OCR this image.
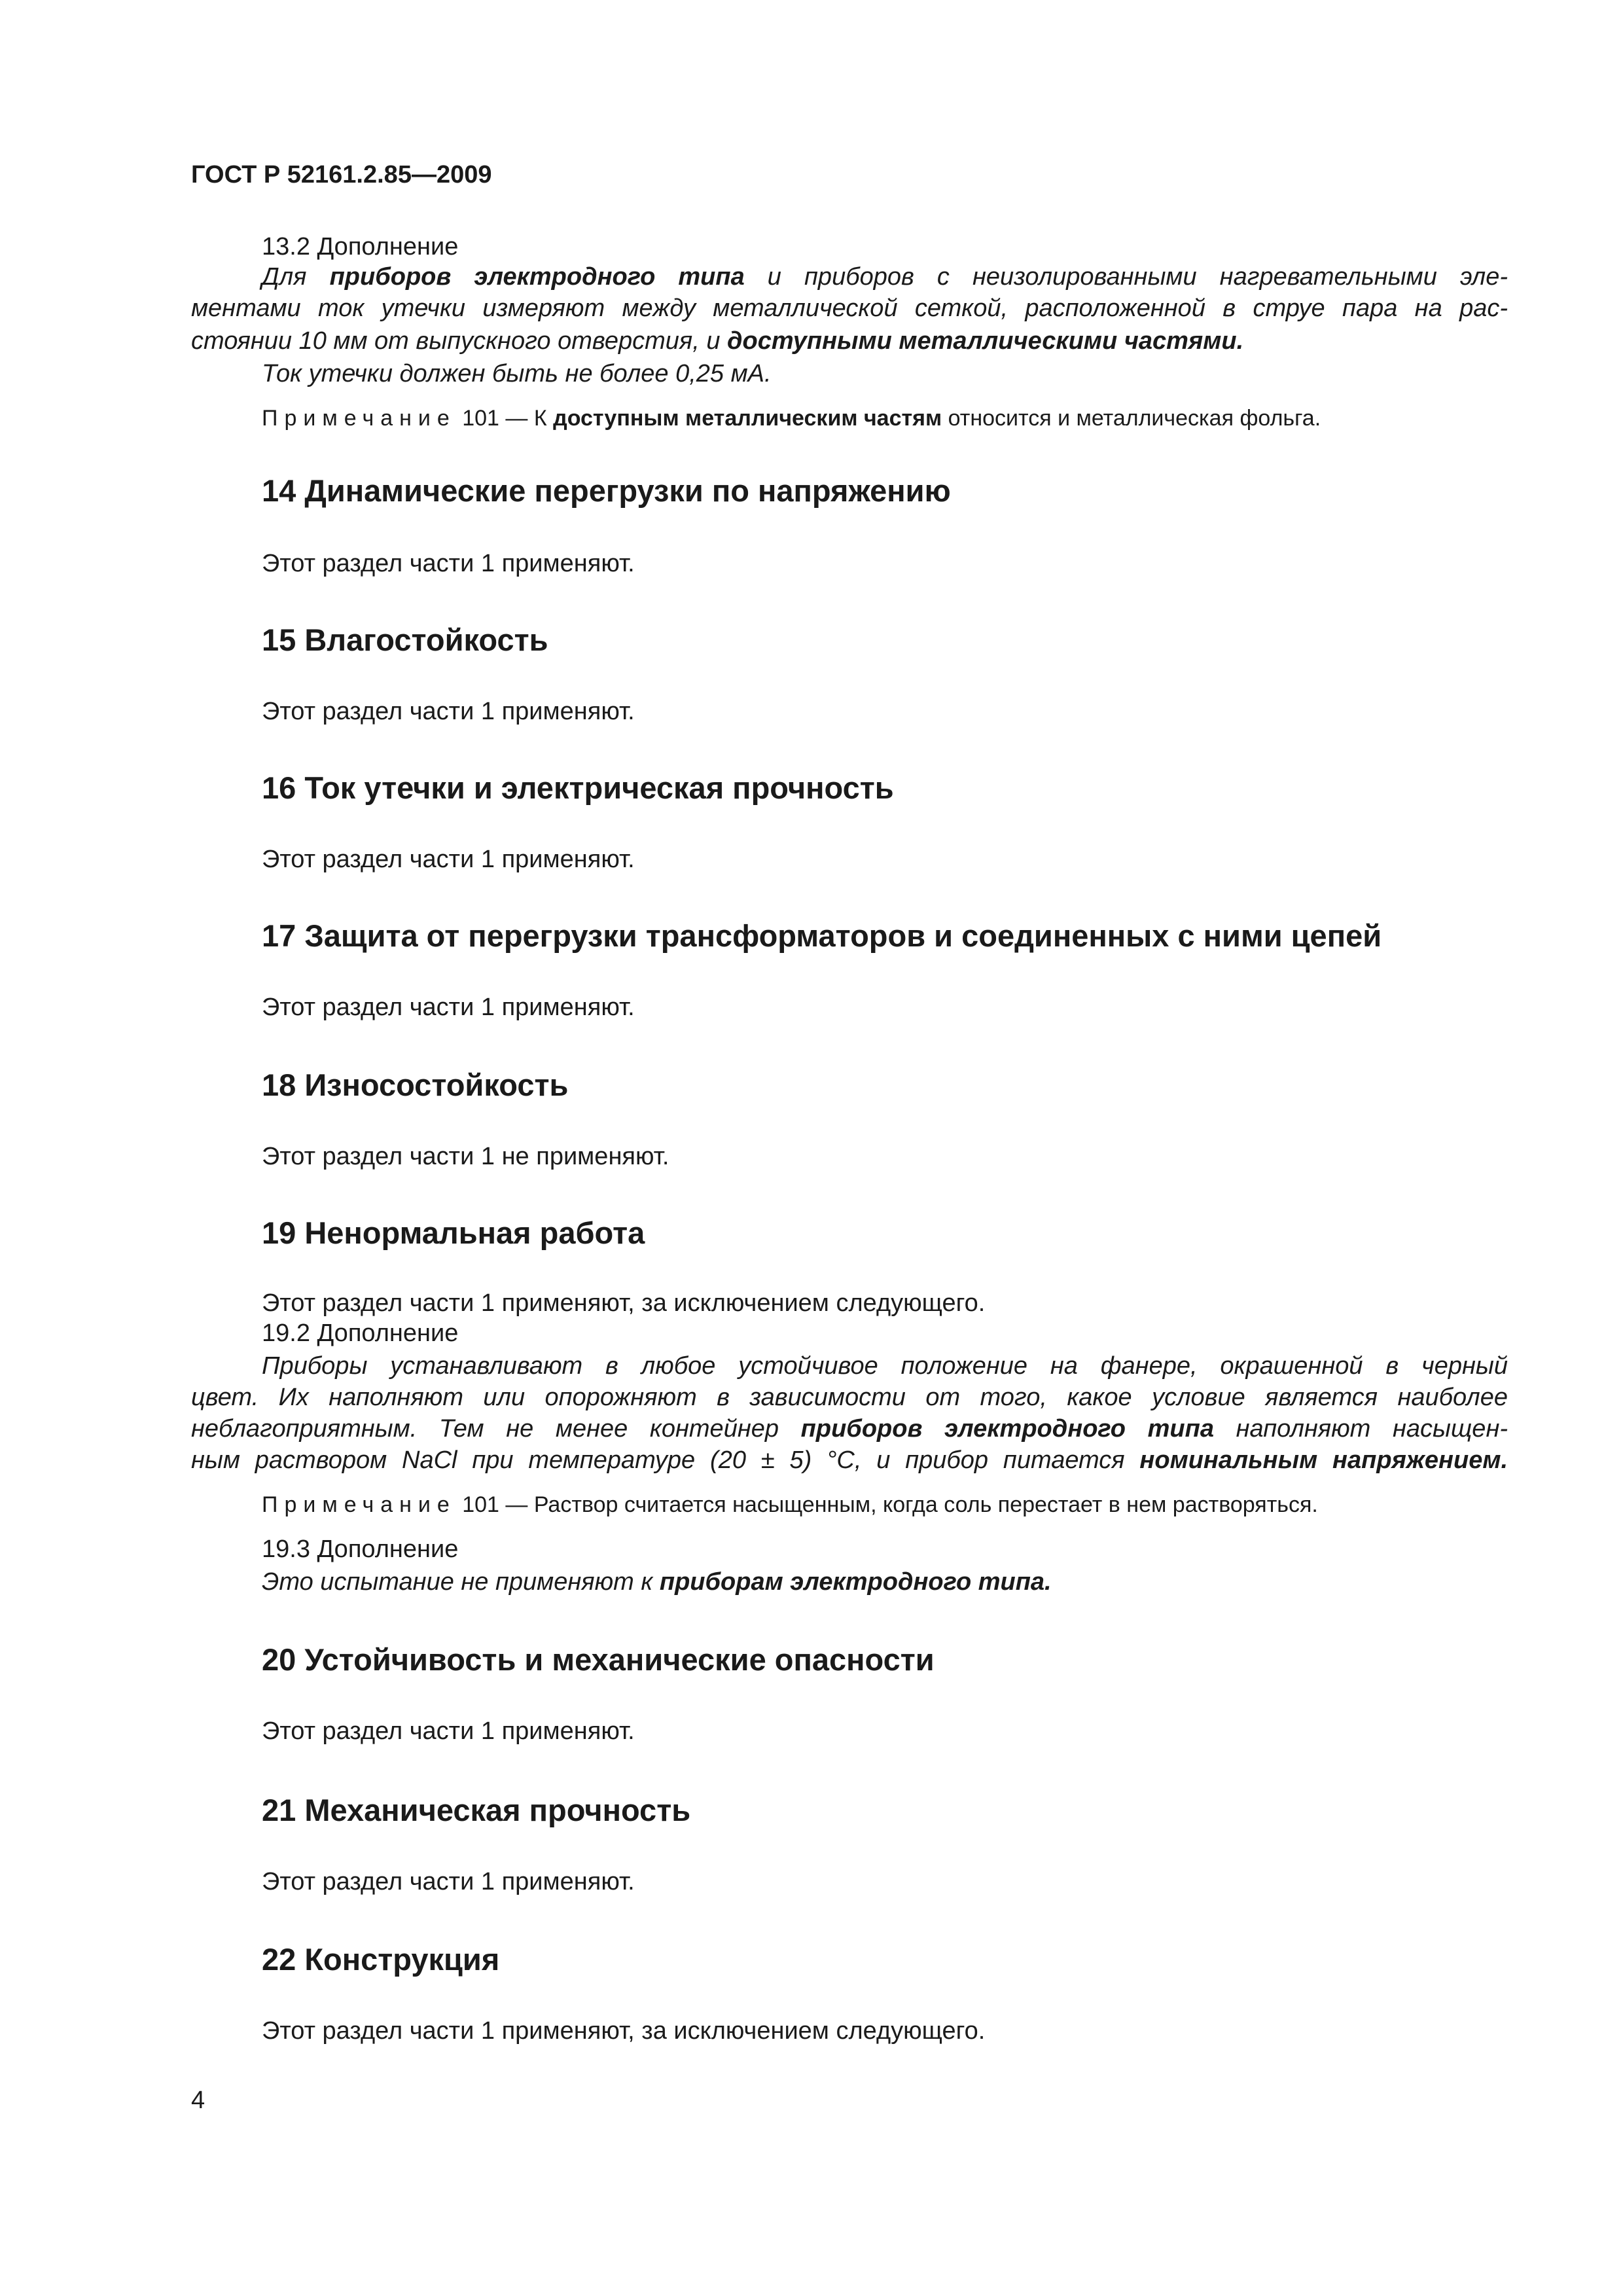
ГОСТ Р 52161.2.85—2009
13.2 Дополнение
Для приборов электродного типа и приборов с неизолированными нагревательными эле-
ментами ток утечки измеряют между металлической сеткой, расположенной в струе пара на рас-
стоянии 10 мм от выпускного отверстия, и доступными металлическими частями.
Ток утечки должен быть не более 0,25 мА.
Примечание 101 — К доступным металлическим частям относится и металлическая фольга.
14 Динамические перегрузки по напряжению
Этот раздел части 1 применяют.
15 Влагостойкость
Этот раздел части 1 применяют.
16 Ток утечки и электрическая прочность
Этот раздел части 1 применяют.
17 Защита от перегрузки трансформаторов и соединенных с ними цепей
Этот раздел части 1 применяют.
18 Износостойкость
Этот раздел части 1 не применяют.
19 Ненормальная работа
Этот раздел части 1 применяют, за исключением следующего.
19.2 Дополнение
Приборы устанавливают в любое устойчивое положение на фанере, окрашенной в черный
цвет. Их наполняют или опорожняют в зависимости от того, какое условие является наиболее
неблагоприятным. Тем не менее контейнер приборов электродного типа наполняют насыщен-
ным раствором NaCl при температуре (20 ± 5) °С, и прибор питается номинальным напряжением.
Примечание 101 — Раствор считается насыщенным, когда соль перестает в нем растворяться.
19.3 Дополнение
Это испытание не применяют к приборам электродного типа.
20 Устойчивость и механические опасности
Этот раздел части 1 применяют.
21 Механическая прочность
Этот раздел части 1 применяют.
22 Конструкция
Этот раздел части 1 применяют, за исключением следующего.
4
